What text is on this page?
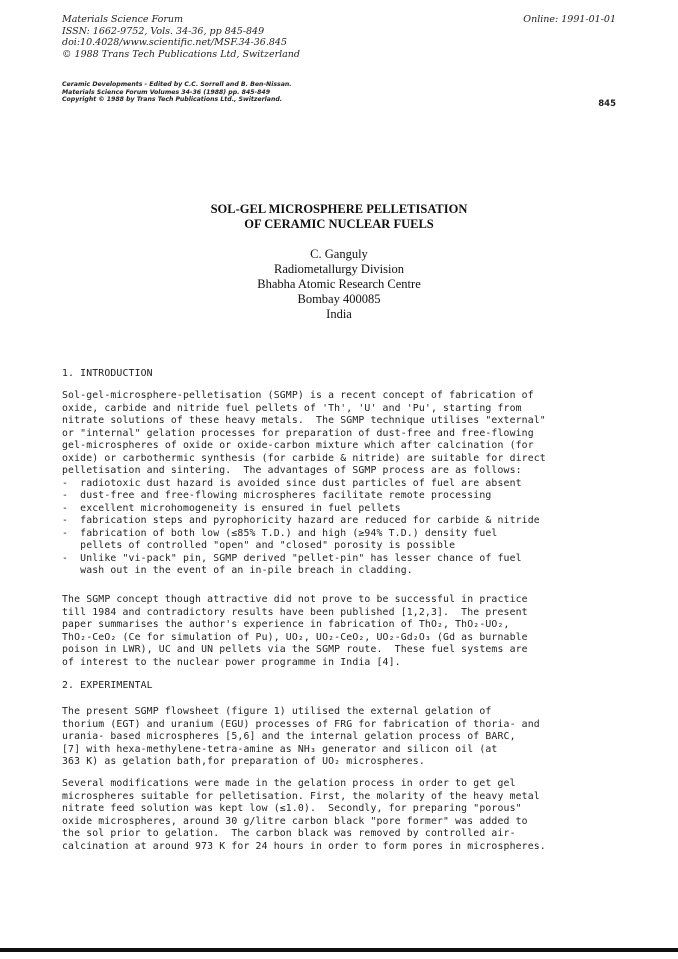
Materials Science Forum
ISSN: 1662-9752, Vols. 34-36, pp 845-849
doi:10.4028/www.scientific.net/MSF.34-36.845
© 1988 Trans Tech Publications Ltd, Switzerland
Online: 1991-01-01
Ceramic Developments - Edited by C.C. Sorrell and B. Ben-Nissan.
Materials Science Forum Volumes 34-36 (1988) pp. 845-849
Copyright © 1988 by Trans Tech Publications Ltd., Switzerland.	845
SOL-GEL MICROSPHERE PELLETISATION
OF CERAMIC NUCLEAR FUELS
C. Ganguly
Radiometallurgy Division
Bhabha Atomic Research Centre
Bombay 400085
India
1. INTRODUCTION

Sol-gel-microsphere-pelletisation (SGMP) is a recent concept of fabrication of

oxide, carbide and nitride fuel pellets of 'Th', 'U' and 'Pu', starting from

nitrate solutions of these heavy metals.  The SGMP technique utilises "external"

or "internal" gelation processes for preparation of dust-free and free-flowing

gel-microspheres of oxide or oxide-carbon mixture which after calcination (for

oxide) or carbothermic synthesis (for carbide & nitride) are suitable for direct

pelletisation and sintering.  The advantages of SGMP process are as follows:

-  radiotoxic dust hazard is avoided since dust particles of fuel are absent
-  dust-free and free-flowing microspheres facilitate remote processing
-  excellent microhomogeneity is ensured in fuel pellets
-  fabrication steps and pyrophoricity hazard are reduced for carbide & nitride
-  fabrication of both low (≤85% T.D.) and high (≥94% T.D.) density fuel
pellets of controlled "open" and "closed" porosity is possible
-  Unlike "vi-pack" pin, SGMP derived "pellet-pin" has lesser chance of fuel
wash out in the event of an in-pile breach in cladding.

The SGMP concept though attractive did not prove to be successful in practice

till 1984 and contradictory results have been published [1,2,3].  The present

paper summarises the author's experience in fabrication of ThO₂, ThO₂-UO₂,

ThO₂-CeO₂ (Ce for simulation of Pu), UO₂, UO₂-CeO₂, UO₂-Gd₂O₃ (Gd as burnable

poison in LWR), UC and UN pellets via the SGMP route.  These fuel systems are

of interest to the nuclear power programme in India [4].

2. EXPERIMENTAL

The present SGMP flowsheet (figure 1) utilised the external gelation of

thorium (EGT) and uranium (EGU) processes of FRG for fabrication of thoria- and

urania- based microspheres [5,6] and the internal gelation process of BARC,

[7] with hexa-methylene-tetra-amine as NH₃ generator and silicon oil (at

363 K) as gelation bath,for preparation of UO₂ microspheres.

Several modifications were made in the gelation process in order to get gel

microspheres suitable for pelletisation. First, the molarity of the heavy metal

nitrate feed solution was kept low (≤1.0).  Secondly, for preparing "porous"

oxide microspheres, around 30 g/litre carbon black "pore former" was added to

the sol prior to gelation.  The carbon black was removed by controlled air-

calcination at around 973 K for 24 hours in order to form pores in microspheres.
